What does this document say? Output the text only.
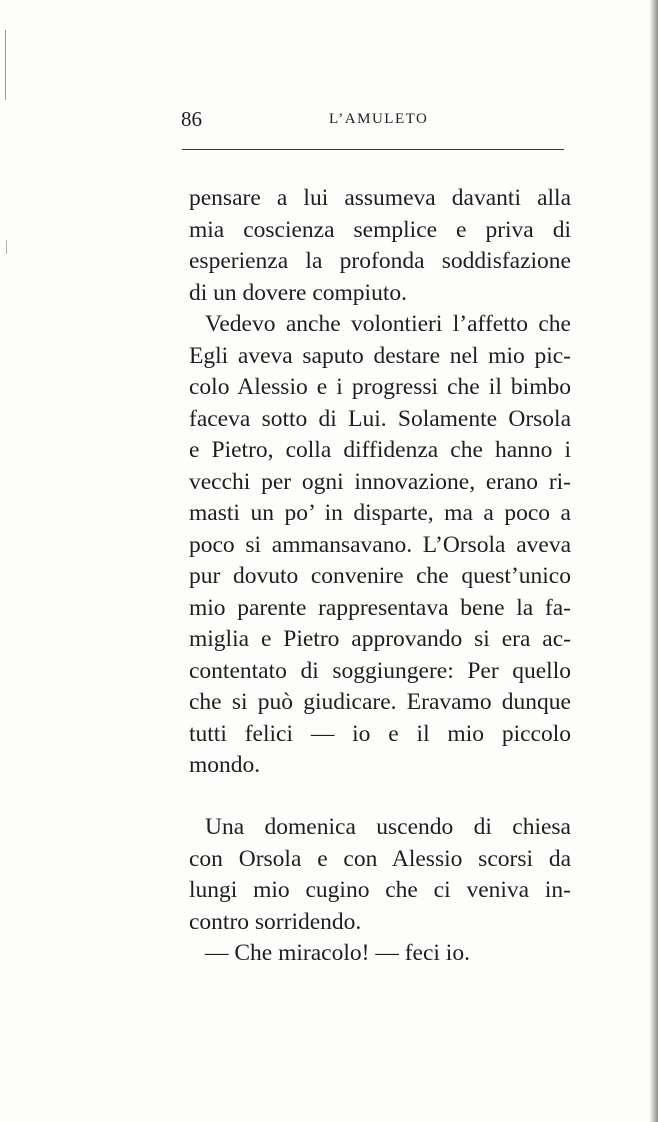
86	L’AMULETO
pensare a lui assumeva davanti alla
mia coscienza semplice e priva di
esperienza la profonda soddisfazione
di un dovere compiuto.
Vedevo anche volontieri l’affetto che
Egli aveva saputo destare nel mio pic-
colo Alessio e i progressi che il bimbo
faceva sotto di Lui. Solamente Orsola
e Pietro, colla diffidenza che hanno i
vecchi per ogni innovazione, erano ri-
masti un po’ in disparte, ma a poco a
poco si ammansavano. L’Orsola aveva
pur dovuto convenire che quest’unico
mio parente rappresentava bene la fa-
miglia e Pietro approvando si era ac-
contentato di soggiungere: Per quello
che si può giudicare. Eravamo dunque
tutti felici — io e il mio piccolo
mondo.
Una domenica uscendo di chiesa
con Orsola e con Alessio scorsi da
lungi mio cugino che ci veniva in-
contro sorridendo.
— Che miracolo! — feci io.
